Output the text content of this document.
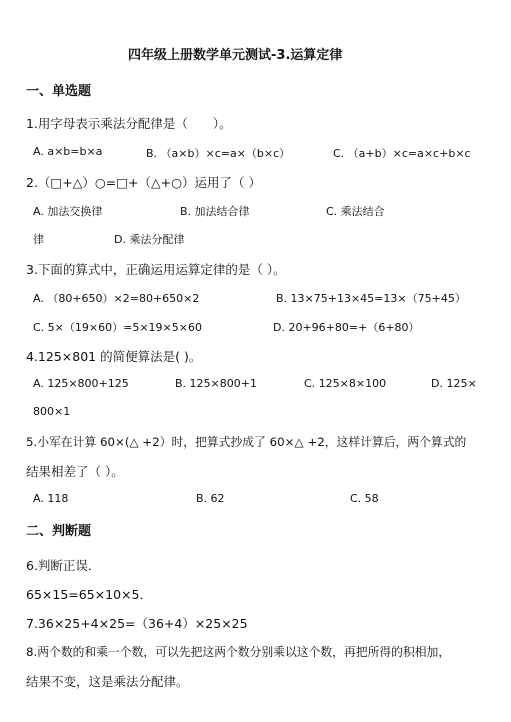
四年级上册数学单元测试-3.运算定律
一、单选题
1.用字母表示乘法分配律是（　　）。
A. a×b=b×a	B. （a×b）×c=a×（b×c）	C. （a+b）×c=a×c+b×c
2.（□+△）○=□+（△+○）运用了（ ）
A. 加法交换律	B. 加法结合律	C. 乘法结合
律	D. 乘法分配律
3.下面的算式中，正确运用运算定律的是（ ）。
A. （80+650）×2=80+650×2	B. 13×75+13×45=13×（75+45）
C. 5×（19×60）=5×19×5×60	D. 20+96+80=+（6+80）
4.125×801 的简便算法是( )。
A. 125×800+125	B. 125×800+1	C. 125×8×100	D. 125×
800×1
5.小军在计算 60×(△ +2）时，把算式抄成了 60×△ +2，这样计算后，两个算式的
结果相差了（ ）。
A. 118	B. 62	C. 58
二、判断题
6.判断正误．
65×15=65×10×5．
7.36×25+4×25=（36+4）×25×25
8.两个数的和乘一个数，可以先把这两个数分别乘以这个数，再把所得的积相加，
结果不变，这是乘法分配律。
